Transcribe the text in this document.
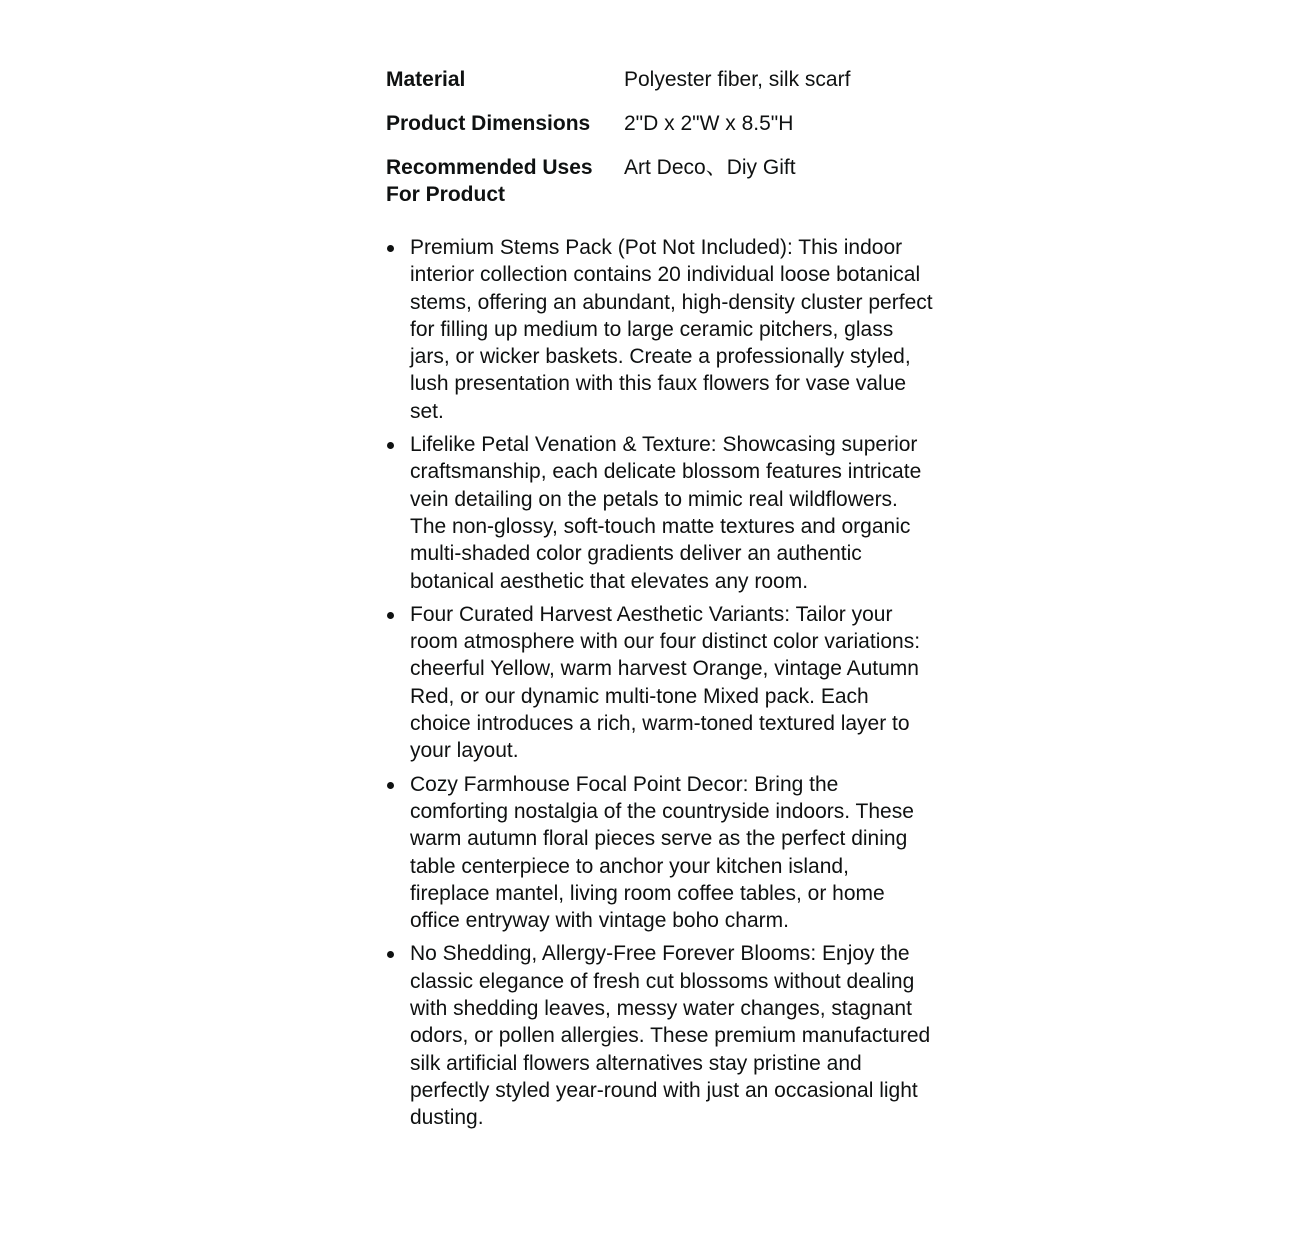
Material	Polyester fiber, silk scarf
Product Dimensions	2"D x 2"W x 8.5"H
Recommended Uses For Product	Art Deco、Diy Gift
Premium Stems Pack (Pot Not Included): This indoor interior collection contains 20 individual loose botanical stems, offering an abundant, high-density cluster perfect for filling up medium to large ceramic pitchers, glass jars, or wicker baskets. Create a professionally styled, lush presentation with this faux flowers for vase value set.
Lifelike Petal Venation & Texture: Showcasing superior craftsmanship, each delicate blossom features intricate vein detailing on the petals to mimic real wildflowers. The non-glossy, soft-touch matte textures and organic multi-shaded color gradients deliver an authentic botanical aesthetic that elevates any room.
Four Curated Harvest Aesthetic Variants: Tailor your room atmosphere with our four distinct color variations: cheerful Yellow, warm harvest Orange, vintage Autumn Red, or our dynamic multi-tone Mixed pack. Each choice introduces a rich, warm-toned textured layer to your layout.
Cozy Farmhouse Focal Point Decor: Bring the comforting nostalgia of the countryside indoors. These warm autumn floral pieces serve as the perfect dining table centerpiece to anchor your kitchen island, fireplace mantel, living room coffee tables, or home office entryway with vintage boho charm.
No Shedding, Allergy-Free Forever Blooms: Enjoy the classic elegance of fresh cut blossoms without dealing with shedding leaves, messy water changes, stagnant odors, or pollen allergies. These premium manufactured silk artificial flowers alternatives stay pristine and perfectly styled year-round with just an occasional light dusting.
